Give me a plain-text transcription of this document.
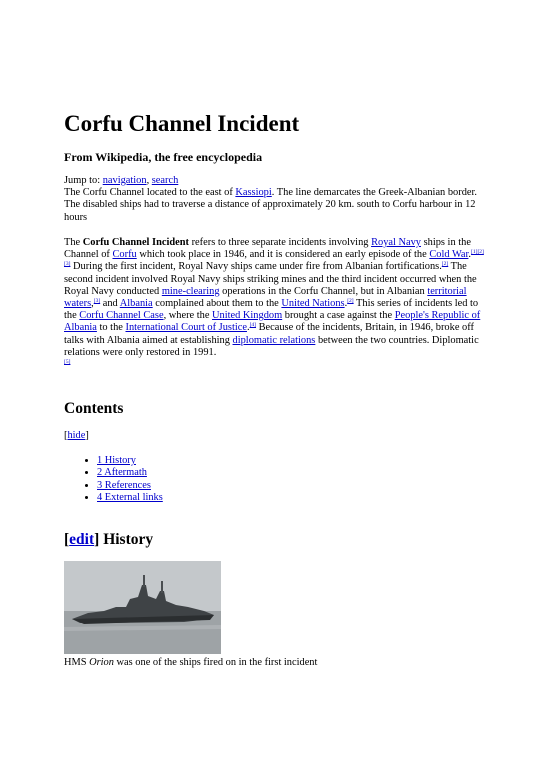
Corfu Channel Incident
From Wikipedia, the free encyclopedia
Jump to: navigation, search
The Corfu Channel located to the east of Kassiopi. The line demarcates the Greek-Albanian border. The disabled ships had to traverse a distance of approximately 20 km. south to Corfu harbour in 12 hours
The Corfu Channel Incident refers to three separate incidents involving Royal Navy ships in the Channel of Corfu which took place in 1946, and it is considered an early episode of the Cold War.[1][2][3] During the first incident, Royal Navy ships came under fire from Albanian fortifications.[2] The second incident involved Royal Navy ships striking mines and the third incident occurred when the Royal Navy conducted mine-clearing operations in the Corfu Channel, but in Albanian territorial waters,[3] and Albania complained about them to the United Nations.[2] This series of incidents led to the Corfu Channel Case, where the United Kingdom brought a case against the People's Republic of Albania to the International Court of Justice.[4] Because of the incidents, Britain, in 1946, broke off talks with Albania aimed at establishing diplomatic relations between the two countries. Diplomatic relations were only restored in 1991.
[5]
Contents
[hide]
• 1 History
• 2 Aftermath
• 3 References
• 4 External links
[edit] History
HMS Orion was one of the ships fired on in the first incident
